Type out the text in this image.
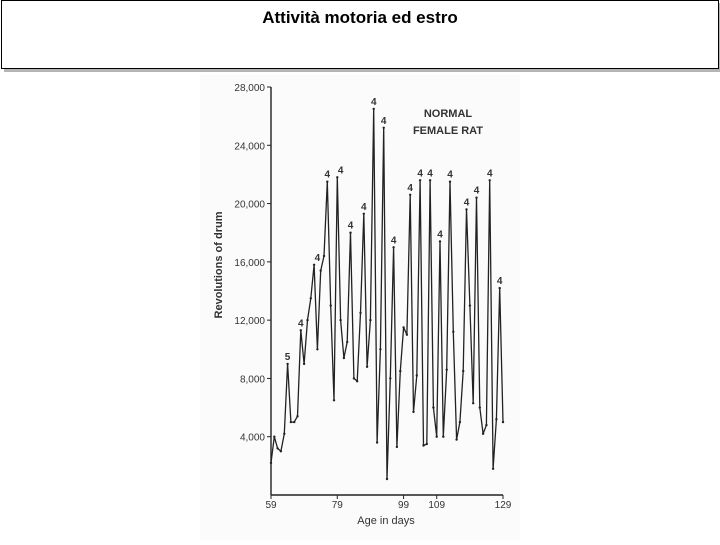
Attività motoria ed estro
4,000
8,000
12,000
16,000
20,000
24,000
28,000
59	79	99 109	129
5
4
4
4 4
4
4
4
4
4
4
4 4
4
4
4
4
4
4
NORMAL
FEMALE RAT
Age in days
Revolutions of drum
